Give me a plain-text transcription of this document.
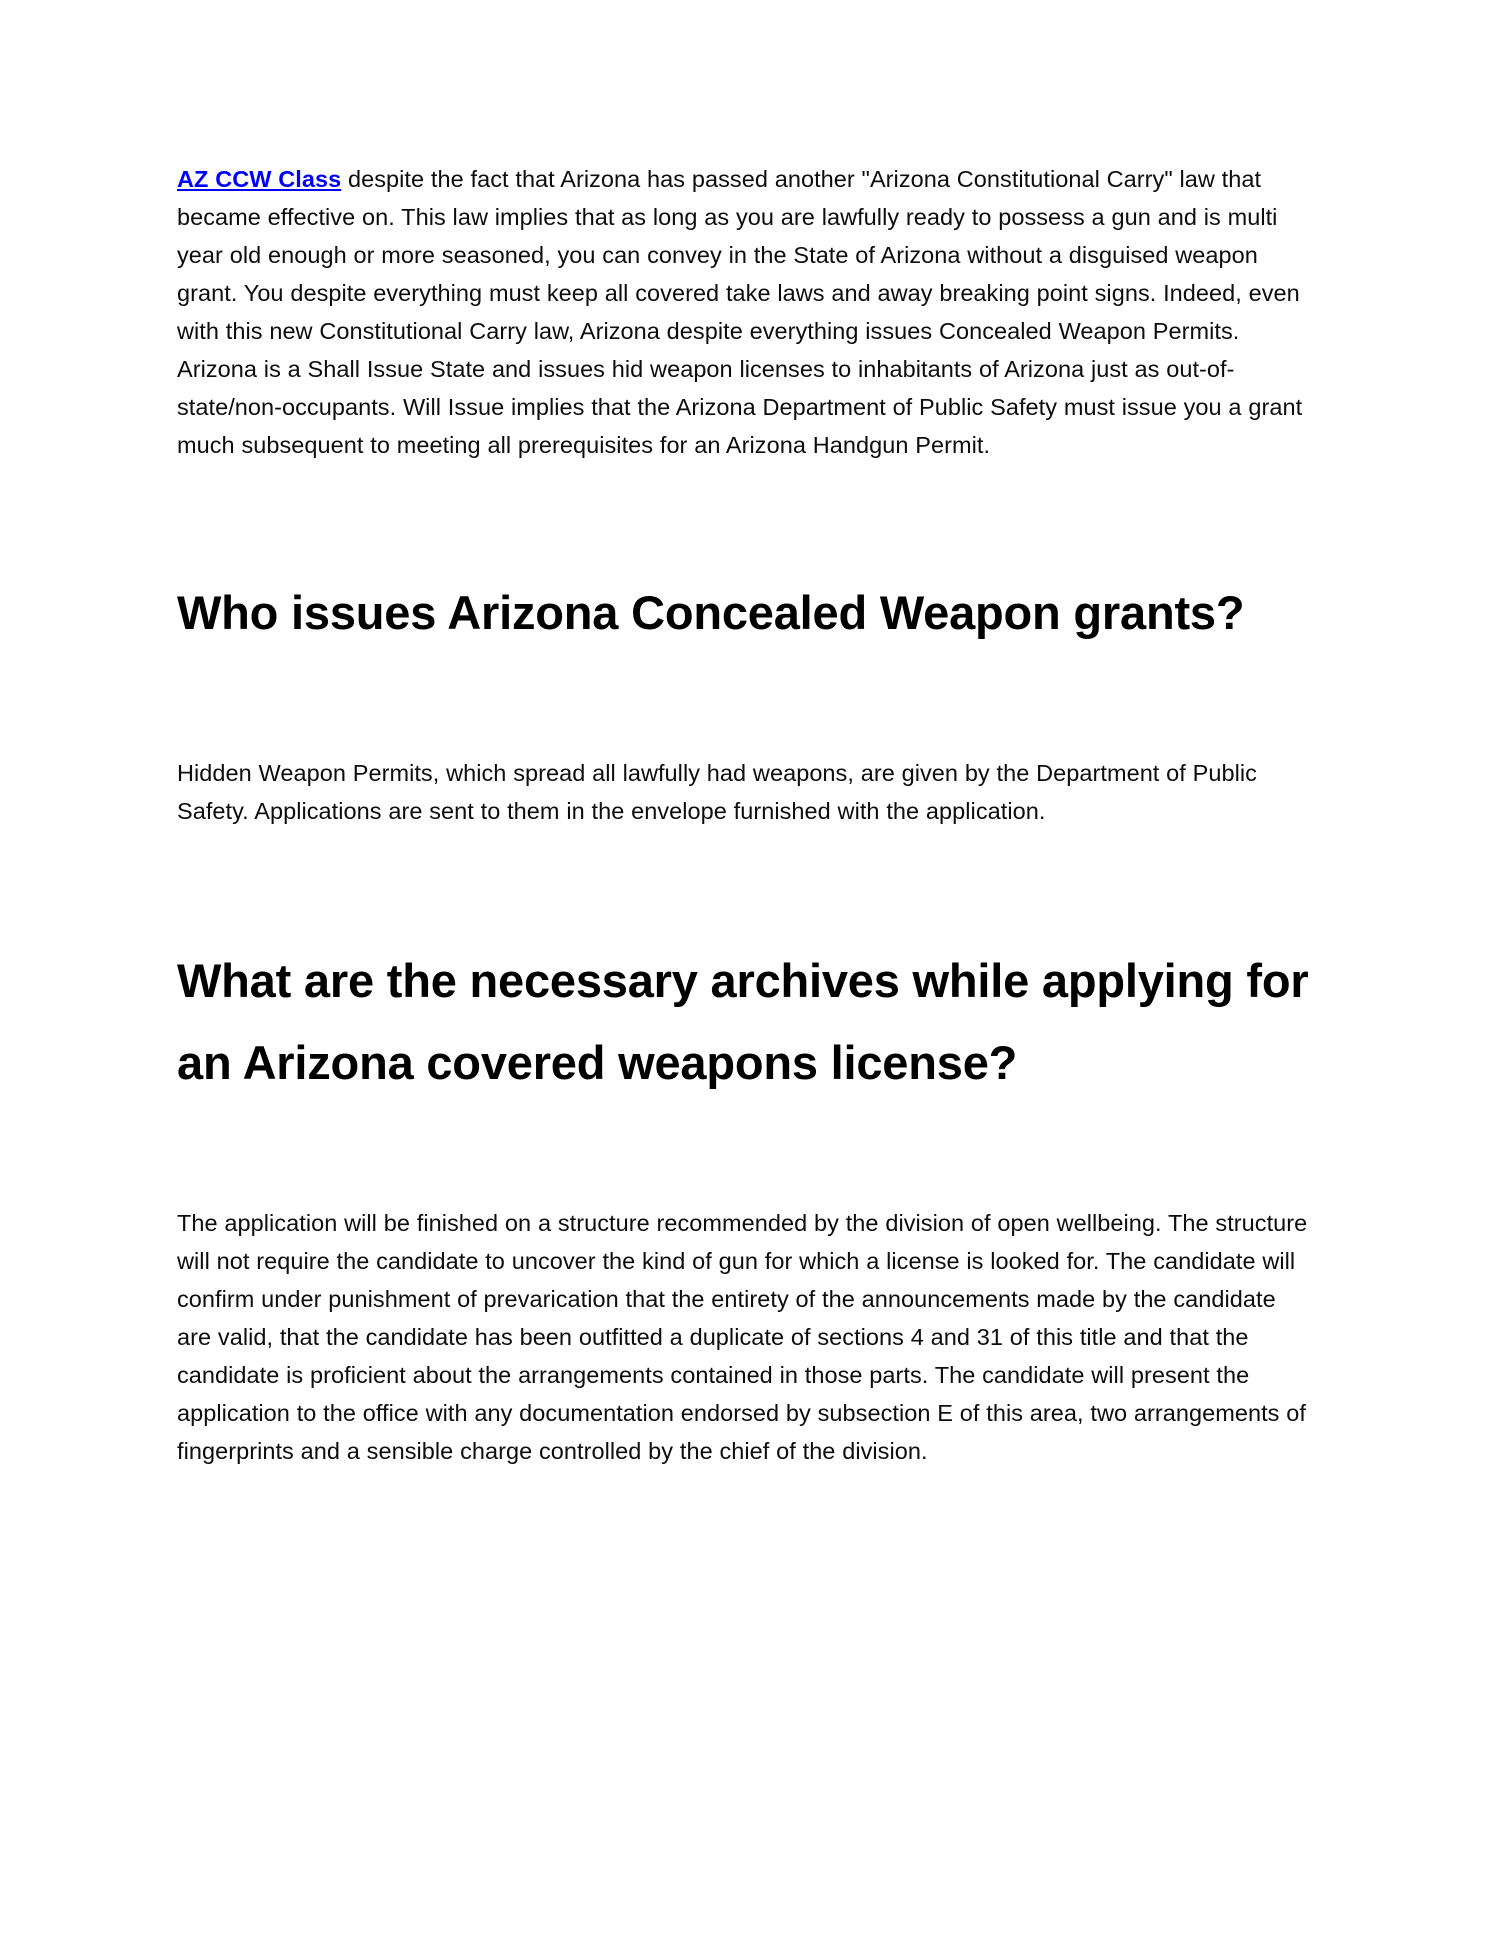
AZ CCW Class despite the fact that Arizona has passed another "Arizona Constitutional Carry" law that became effective on. This law implies that as long as you are lawfully ready to possess a gun and is multi year old enough or more seasoned, you can convey in the State of Arizona without a disguised weapon grant. You despite everything must keep all covered take laws and away breaking point signs. Indeed, even with this new Constitutional Carry law, Arizona despite everything issues Concealed Weapon Permits. Arizona is a Shall Issue State and issues hid weapon licenses to inhabitants of Arizona just as out-of-state/non-occupants. Will Issue implies that the Arizona Department of Public Safety must issue you a grant much subsequent to meeting all prerequisites for an Arizona Handgun Permit.

Who issues Arizona Concealed Weapon grants?

Hidden Weapon Permits, which spread all lawfully had weapons, are given by the Department of Public Safety. Applications are sent to them in the envelope furnished with the application.

What are the necessary archives while applying for an Arizona covered weapons license?

The application will be finished on a structure recommended by the division of open wellbeing. The structure will not require the candidate to uncover the kind of gun for which a license is looked for. The candidate will confirm under punishment of prevarication that the entirety of the announcements made by the candidate are valid, that the candidate has been outfitted a duplicate of sections 4 and 31 of this title and that the candidate is proficient about the arrangements contained in those parts. The candidate will present the application to the office with any documentation endorsed by subsection E of this area, two arrangements of fingerprints and a sensible charge controlled by the chief of the division.
